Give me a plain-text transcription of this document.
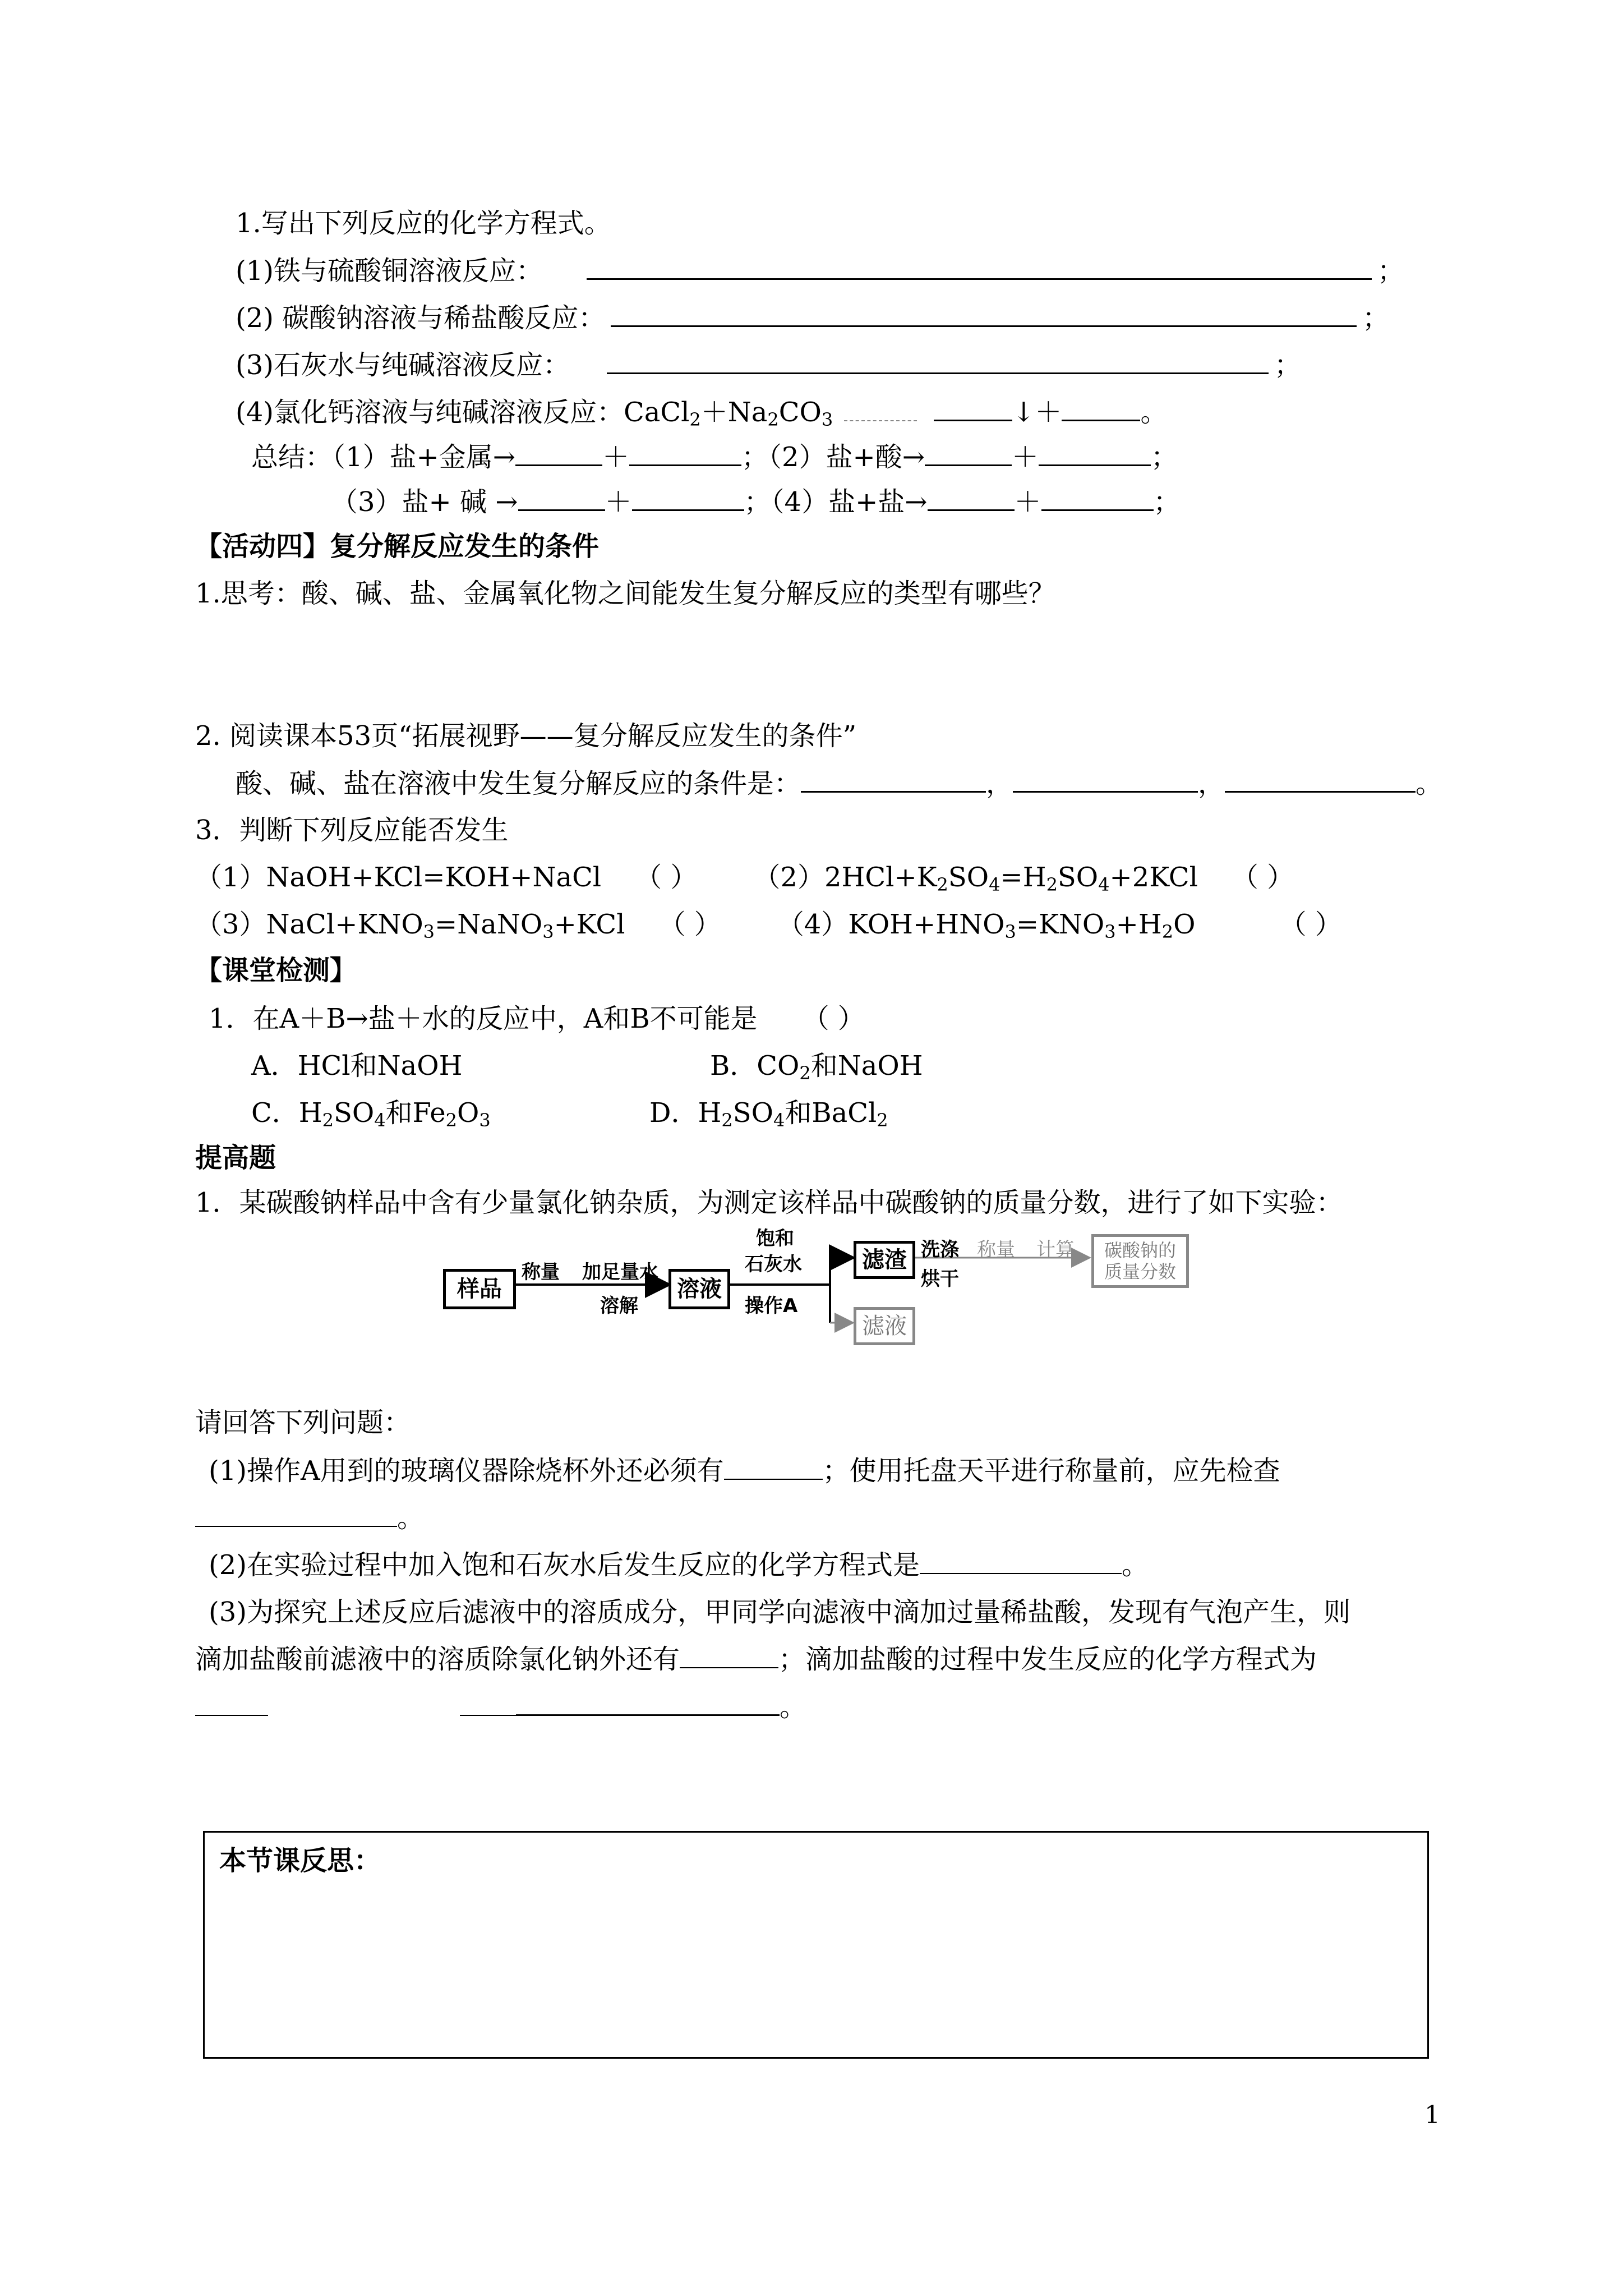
1.写出下列反应的化学方程式。
(1)铁与硫酸铜溶液反应：	；
(2) 碳酸钠溶液与稀盐酸反应：	；
(3)石灰水与纯碱溶液反应：	；
(4)氯化钙溶液与纯碱溶液反应：$CaCl_2+Na_2CO_3$	↓＋	。
总结：（1）盐+金属→	＋	；（2）盐+酸→	＋	；
（3）盐+ 碱 →	＋	；（4）盐+盐→	＋	；
【活动四】复分解反应发生的条件
1.思考：酸、碱、盐、金属氧化物之间能发生复分解反应的类型有哪些？
2. 阅读课本53页“拓展视野——复分解反应发生的条件”
酸、碱、盐在溶液中发生复分解反应的条件是：	，	，	。
3．判断下列反应能否发生
（1）NaOH+KCl=KOH+NaCl （ ） $(2)2HCl+K_2SO_4=H_2SO_4+2KCl$ （ ）
$(3)NaCl+KNO_3=NaNO_3+KCl$ （ ） $(4)KOH+HNO_3=KNO_3+H_2O$	（ ）
【课堂检测】
1．在A＋B→盐＋水的反应中，A和B不可能是 （ ）
A．HCl和NaOH	B．$CO_2$和NaOH
C．$H_2SO_4$和$Fe_2O_3$	D．$H_2SO_4$和BaCl$_2$
提高题
1．某碳酸钠样品中含有少量氯化钠杂质，为测定该样品中碳酸钠的质量分数，进行了如下实验：
样品
称量 加足量水
溶解
溶液
饱和
石灰水
操作A
滤渣 洗涤
烘干
称量 计算 碳酸钠的
质量分数
滤液
请回答下列问题：
(1)操作A用到的玻璃仪器除烧杯外还必须有	；使用托盘天平进行称量前，应先检查
。
(2)在实验过程中加入饱和石灰水后发生反应的化学方程式是	。
(3)为探究上述反应后滤液中的溶质成分，甲同学向滤液中滴加过量稀盐酸，发现有气泡产生，则
滴加盐酸前滤液中的溶质除氯化钠外还有	；滴加盐酸的过程中发生反应的化学方程式为
。
本节课反思：
1
